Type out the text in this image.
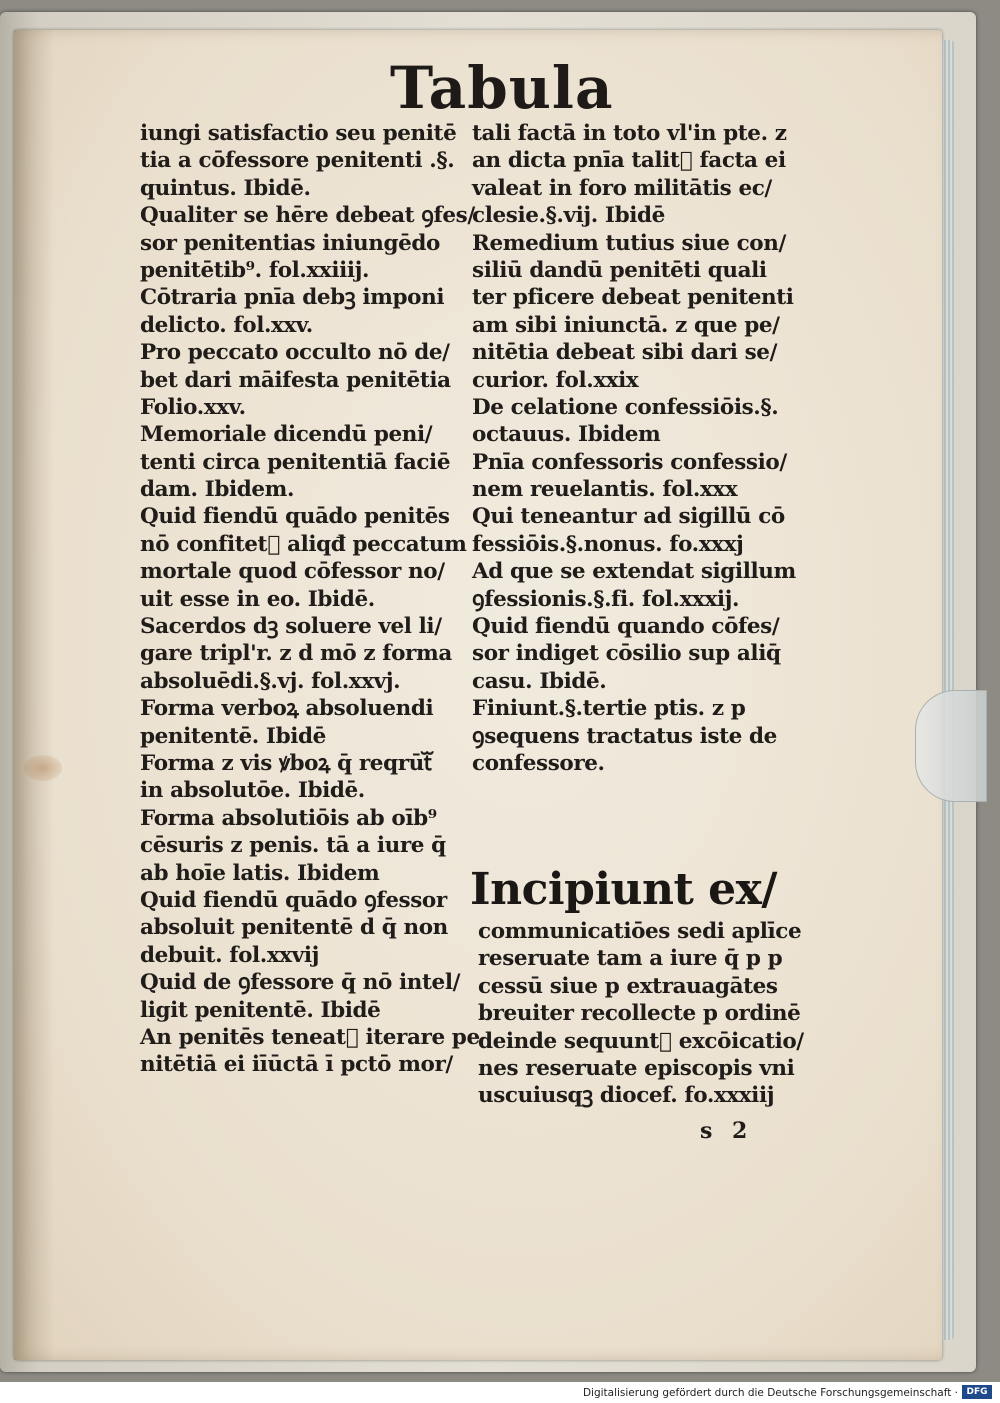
Tabula
iungi satisfactio seu penitē
tia a cōfessore penitenti .§.
quintus. Ibidē.
Qualiter se hēre debeat ꝯfes/
sor penitentias iniungēdo
penitētib⁹. fol.xxiiij.
Cōtraria pnīa debꝫ imponi
delicto. fol.xxv.
Pro peccato occulto nō de/
bet dari māifesta penitētia
Folio.xxv.
Memoriale dicendū peni/
tenti circa penitentiā faciē
dam. Ibidem.
Quid fiendū quādo penitēs
nō confitetᷓ aliqđ peccatum
mortale quod cōfessor no/
uit esse in eo. Ibidē.
Sacerdos dꝫ soluere vel li/
gare tripl'r. z d mō z forma
absoluēdi.§.vj. fol.xxvj.
Forma verboꝝ absoluendi
penitentē. Ibidē
Forma z vis ꝟboꝝ q̄ reqrūtᷓ
in absolutōe. Ibidē.
Forma absolutiōis ab oīb⁹
cēsuris z penis. tā a iure q̄
ab hoīe latis. Ibidem
Quid fiendū quādo ꝯfessor
absoluit penitentē d q̄ non
debuit. fol.xxvij
Quid de ꝯfessore q̄ nō intel/
ligit penitentē. Ibidē
An penitēs teneatᷓ iterare pe
nitētiā ei iīūctā ī pctō mor/
tali factā in toto vl'in pte. z
an dicta pnīa talitᷓ facta ei
valeat in foro militātis ec/
clesie.§.vij. Ibidē
Remedium tutius siue con/
siliū dandū penitēti quali
ter pficere debeat penitenti
am sibi iniunctā. z que pe/
nitētia debeat sibi dari se/
curior. fol.xxix
De celatione confessiōis.§.
octauus. Ibidem
Pnīa confessoris confessio/
nem reuelantis. fol.xxx
Qui teneantur ad sigillū cō
fessiōis.§.nonus. fo.xxxj
Ad que se extendat sigillum
ꝯfessionis.§.fi. fol.xxxij.
Quid fiendū quando cōfes/
sor indiget cōsilio sup aliq̄
casu. Ibidē.
Finiunt.§.tertie ptis. z p
ꝯsequens tractatus iste de
confessore.
Incipiunt ex/
communicatiōes sedi aplīce
reseruate tam a iure q̄ p p
cessū siue p extrauagātes
breuiter recollecte p ordinē
deinde sequuntᷓ excōicatio/
nes reseruate episcopis vni
uscuiusqꝫ diocef. fo.xxxiij
s 2
Digitalisierung gefördert durch die Deutsche Forschungsgemeinschaft · DFG
